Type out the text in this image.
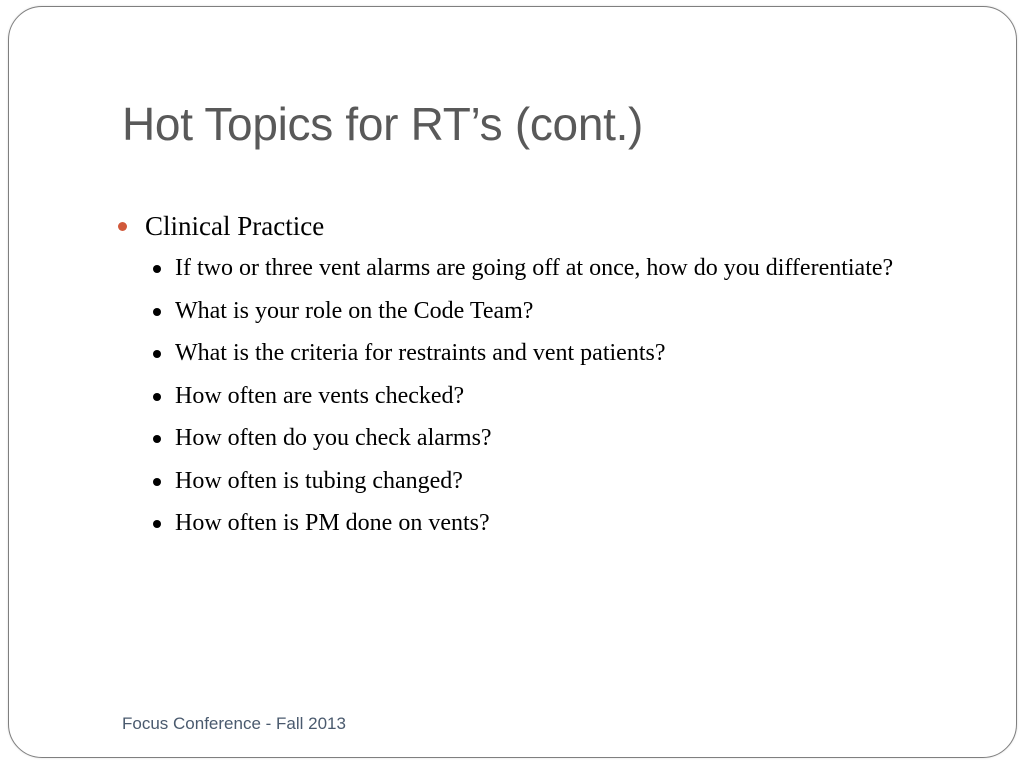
Hot Topics for RT’s (cont.)
Clinical Practice
If two or three vent alarms are going off at once, how do you differentiate?
What is your role on the Code Team?
What is the criteria for restraints and vent patients?
How often are vents checked?
How often do you check alarms?
How often is tubing changed?
How often is PM done on vents?
Focus Conference - Fall 2013
